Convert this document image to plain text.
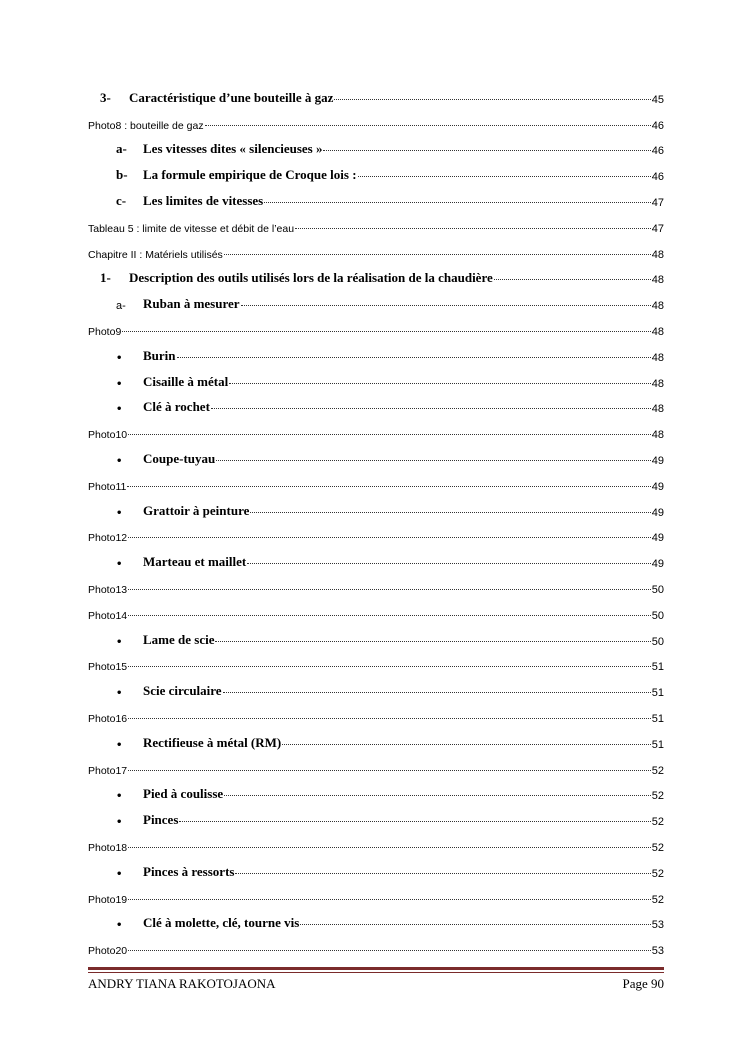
3-	Caractéristique d’une bouteille à gaz	45
Photo8 : bouteille de gaz	46
a-	Les vitesses dites « silencieuses »	46
b-	La formule empirique de Croque lois :	46
c-	Les limites de vitesses	47
Tableau 5 : limite de vitesse et débit de l’eau	47
Chapitre II : Matériels utilisés	48
1-	Description des outils utilisés lors de la réalisation de la chaudière	48
a-	Ruban à mesurer	48
Photo9	48
•	Burin	48
•	Cisaille à métal	48
•	Clé à rochet	48
Photo10	48
•	Coupe-tuyau	49
Photo11	49
•	Grattoir à peinture	49
Photo12	49
•	Marteau et maillet	49
Photo13	50
Photo14	50
•	Lame de scie	50
Photo15	51
•	Scie circulaire	51
Photo16	51
•	Rectifieuse à métal (RM)	51
Photo17	52
•	Pied à coulisse	52
•	Pinces	52
Photo18	52
•	Pinces à ressorts	52
Photo19	52
•	Clé à molette, clé, tourne vis	53
Photo20	53
ANDRY TIANA RAKOTOJAONA	Page 90
